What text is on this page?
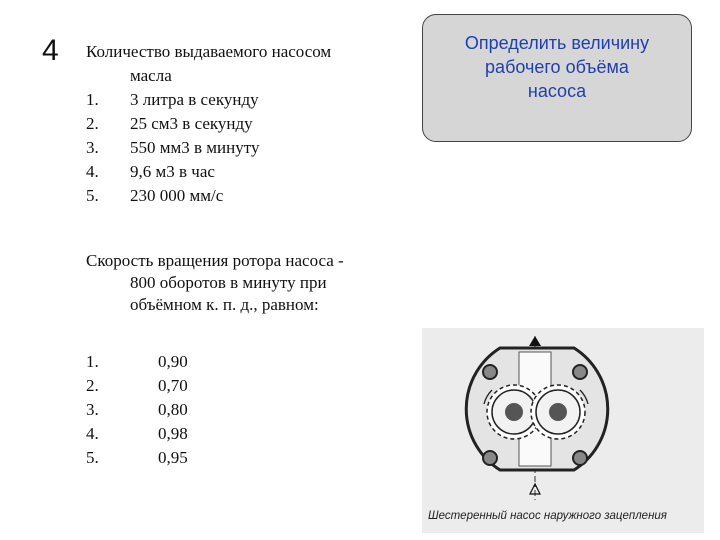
4 Количество выдаваемого насосом
масла

1.	3 литра в секунду
2.	25 см3 в секунду
3.	550 мм3 в минуту
4.	9,6 м3 в час
5.	230 000 мм/с

Скорость вращения ротора насоса -
800 оборотов в минуту при
объёмном к. п. д., равном:

1.	0,90
2.	0,70
3.	0,80
4.	0,98
5.	0,95
Определить величину
рабочего объёма
насоса
Шестеренный насос наружного зацепления
